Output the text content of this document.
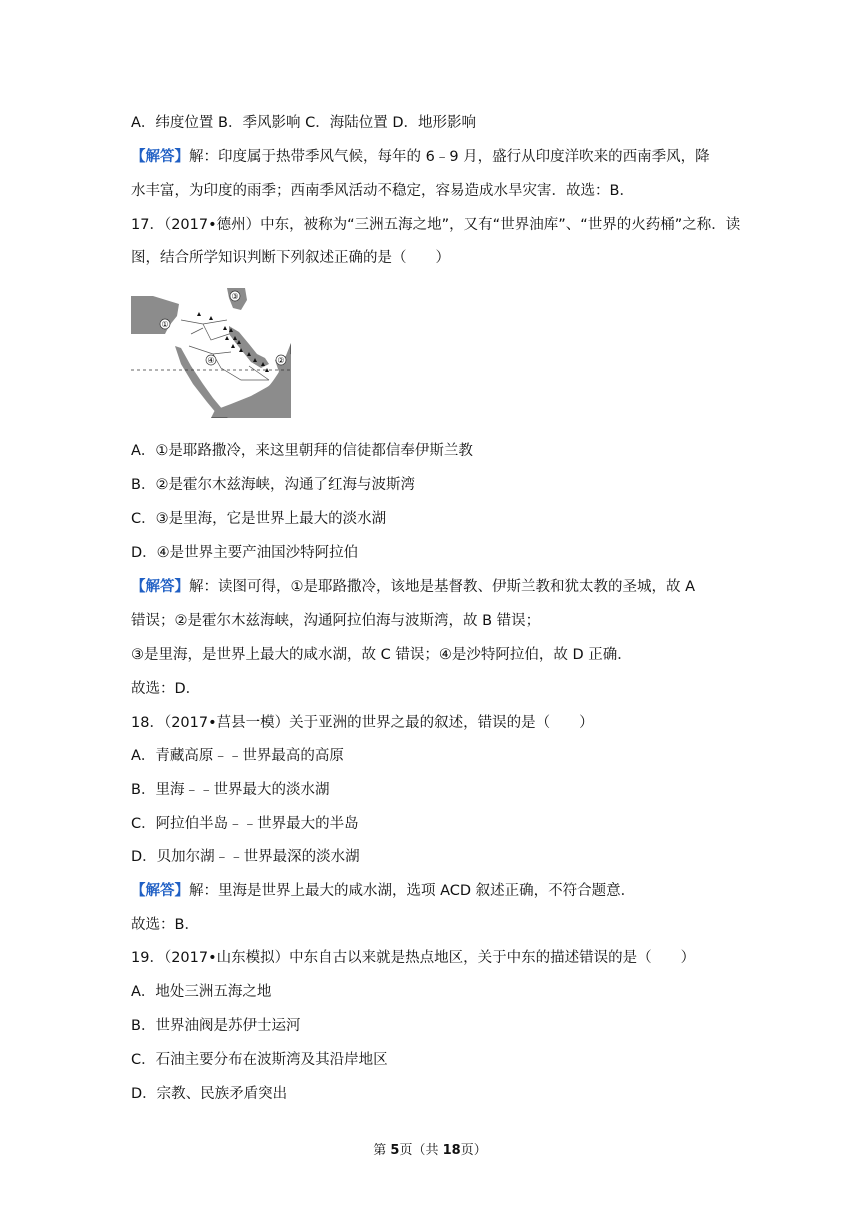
A．纬度位置 B．季风影响 C．海陆位置 D．地形影响
【解答】解：印度属于热带季风气候，每年的 6﹣9 月，盛行从印度洋吹来的西南季风，降
水丰富，为印度的雨季；西南季风活动不稳定，容易造成水旱灾害．故选：B．
17．（2017•德州）中东，被称为“三洲五海之地”，又有“世界油库”、“世界的火药桶”之称．读
图，结合所学知识判断下列叙述正确的是（　　）
①
②
③
④
A．①是耶路撒冷，来这里朝拜的信徒都信奉伊斯兰教
B．②是霍尔木兹海峡，沟通了红海与波斯湾
C．③是里海，它是世界上最大的淡水湖
D．④是世界主要产油国沙特阿拉伯
【解答】解：读图可得，①是耶路撒冷，该地是基督教、伊斯兰教和犹太教的圣城，故 A
错误；②是霍尔木兹海峡，沟通阿拉伯海与波斯湾，故 B 错误；
③是里海，是世界上最大的咸水湖，故 C 错误；④是沙特阿拉伯，故 D 正确．
故选：D．
18．（2017•莒县一模）关于亚洲的世界之最的叙述，错误的是（　　）
A．青藏高原﹣﹣世界最高的高原
B．里海﹣﹣世界最大的淡水湖
C．阿拉伯半岛﹣﹣世界最大的半岛
D．贝加尔湖﹣﹣世界最深的淡水湖
【解答】解：里海是世界上最大的咸水湖，选项 ACD 叙述正确，不符合题意．
故选：B．
19．（2017•山东模拟）中东自古以来就是热点地区，关于中东的描述错误的是（　　）
A．地处三洲五海之地
B．世界油阀是苏伊士运河
C．石油主要分布在波斯湾及其沿岸地区
D．宗教、民族矛盾突出
第 5页（共 18页）
